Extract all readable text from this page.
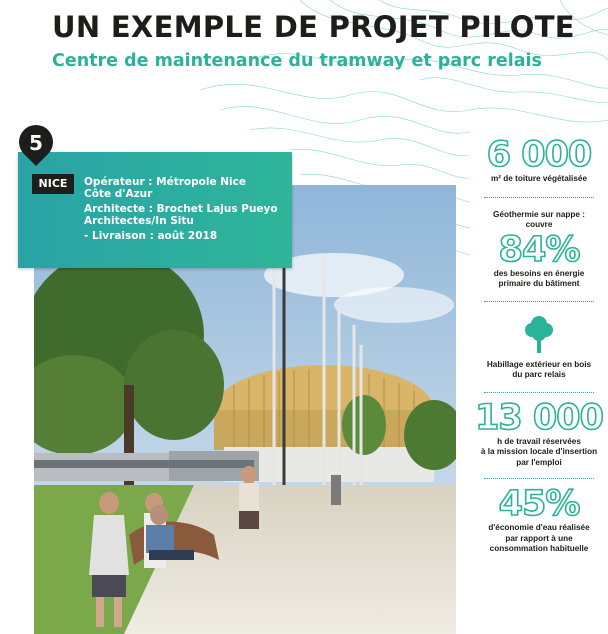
UN EXEMPLE DE PROJET PILOTE
Centre de maintenance du tramway et parc relais
5
NICE	Opérateur : Métropole Nice
Côte d'Azur
Architecte : Brochet Lajus Pueyo
Architectes/In Situ
- Livraison : août 2018
6 000
m² de toiture végétalisée
Géothermie sur nappe :
couvre
84%
des besoins en énergie
primaire du bâtiment
Habillage extérieur en bois
du parc relais
13 000
h de travail réservées
à la mission locale d'insertion
par l'emploi
45%
d'économie d'eau réalisée
par rapport à une
consommation habituelle
